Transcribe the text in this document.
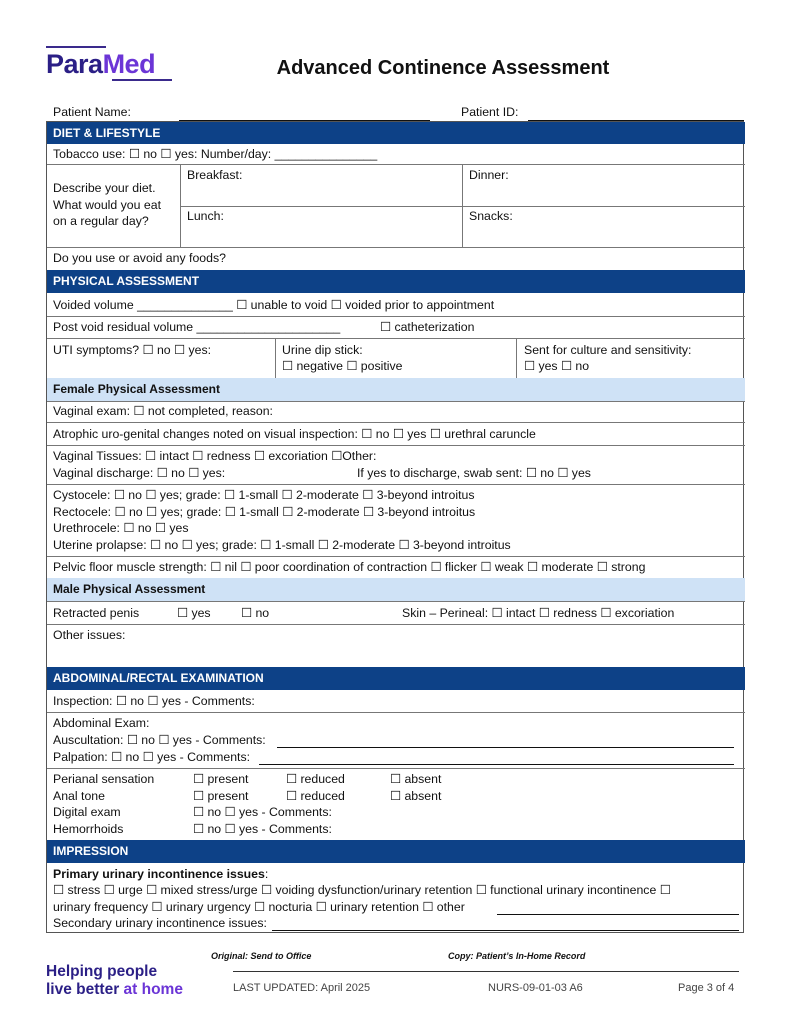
ParaMed	Advanced Continence Assessment
Patient Name:	Patient ID:
DIET & LIFESTYLE
Tobacco use: ☐ no ☐ yes: Number/day: _______________
Describe your diet.
What would you eat
on a regular day?
Breakfast:	Dinner:
Lunch:	Snacks:
Do you use or avoid any foods?
PHYSICAL ASSESSMENT
Voided volume ______________ ☐ unable to void ☐ voided prior to appointment
Post void residual volume _____________________	☐ catheterization
UTI symptoms? ☐ no ☐ yes:	Urine dip stick:
☐ negative ☐ positive
Sent for culture and sensitivity:
☐ yes ☐ no
Female Physical Assessment
Vaginal exam: ☐ not completed, reason:
Atrophic uro-genital changes noted on visual inspection: ☐ no ☐ yes ☐ urethral caruncle
Vaginal Tissues: ☐ intact ☐ redness ☐ excoriation ☐Other:
Vaginal discharge: ☐ no ☐ yes:	If yes to discharge, swab sent: ☐ no ☐ yes
Cystocele: ☐ no ☐ yes; grade: ☐ 1-small ☐ 2-moderate ☐ 3-beyond introitus
Rectocele: ☐ no ☐ yes; grade: ☐ 1-small ☐ 2-moderate ☐ 3-beyond introitus
Urethrocele: ☐ no ☐ yes
Uterine prolapse: ☐ no ☐ yes; grade: ☐ 1-small ☐ 2-moderate ☐ 3-beyond introitus
Pelvic floor muscle strength: ☐ nil ☐ poor coordination of contraction ☐ flicker ☐ weak ☐ moderate ☐ strong
Male Physical Assessment
Retracted penis	☐ yes ☐ no	Skin – Perineal: ☐ intact ☐ redness ☐ excoriation
Other issues:
ABDOMINAL/RECTAL EXAMINATION
Inspection: ☐ no ☐ yes - Comments:
Abdominal Exam:
Auscultation: ☐ no ☐ yes - Comments:
Palpation: ☐ no ☐ yes - Comments:
Perianal sensation	☐ present	☐ reduced	☐ absent
Anal tone	☐ present	☐ reduced	☐ absent
Digital exam	☐ no ☐ yes - Comments:
Hemorrhoids	☐ no ☐ yes - Comments:
IMPRESSION
Primary urinary incontinence issues:
☐ stress ☐ urge ☐ mixed stress/urge ☐ voiding dysfunction/urinary retention ☐ functional urinary incontinence ☐
urinary frequency ☐ urinary urgency ☐ nocturia ☐ urinary retention ☐ other
Secondary urinary incontinence issues:
Helping people
live better at home
Original: Send to Office	Copy: Patient’s In-Home Record
LAST UPDATED: April 2025	NURS-09-01-03 A6	Page 3 of 4
